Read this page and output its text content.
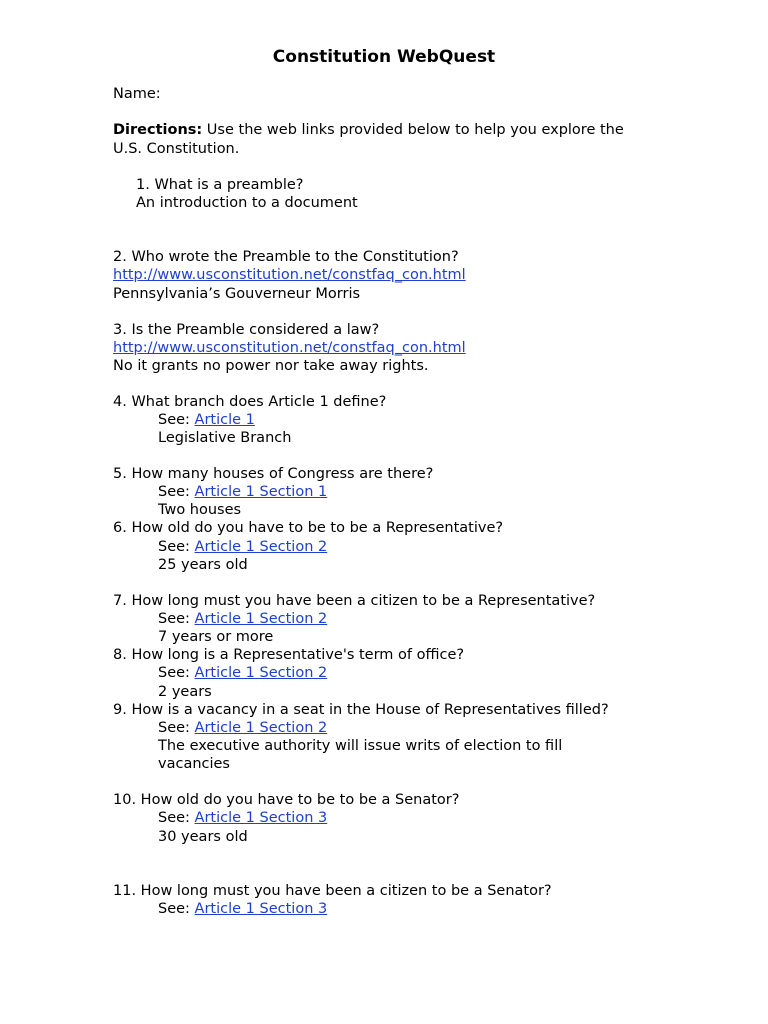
Constitution WebQuest
Name:
Directions: Use the web links provided below to help you explore the
U.S. Constitution.
1. What is a preamble?
An introduction to a document
2. Who wrote the Preamble to the Constitution?
http://www.usconstitution.net/constfaq_con.html
Pennsylvania’s Gouverneur Morris
3. Is the Preamble considered a law?
http://www.usconstitution.net/constfaq_con.html
No it grants no power nor take away rights.
4. What branch does Article 1 define?
See: Article 1
Legislative Branch
5. How many houses of Congress are there?
See: Article 1 Section 1
Two houses
6. How old do you have to be to be a Representative?
See: Article 1 Section 2
25 years old
7. How long must you have been a citizen to be a Representative?
See: Article 1 Section 2
7 years or more
8. How long is a Representative's term of office?
See: Article 1 Section 2
2 years
9. How is a vacancy in a seat in the House of Representatives filled?
See: Article 1 Section 2
The executive authority will issue writs of election to fill
vacancies
10. How old do you have to be to be a Senator?
See: Article 1 Section 3
30 years old
11. How long must you have been a citizen to be a Senator?
See: Article 1 Section 3
